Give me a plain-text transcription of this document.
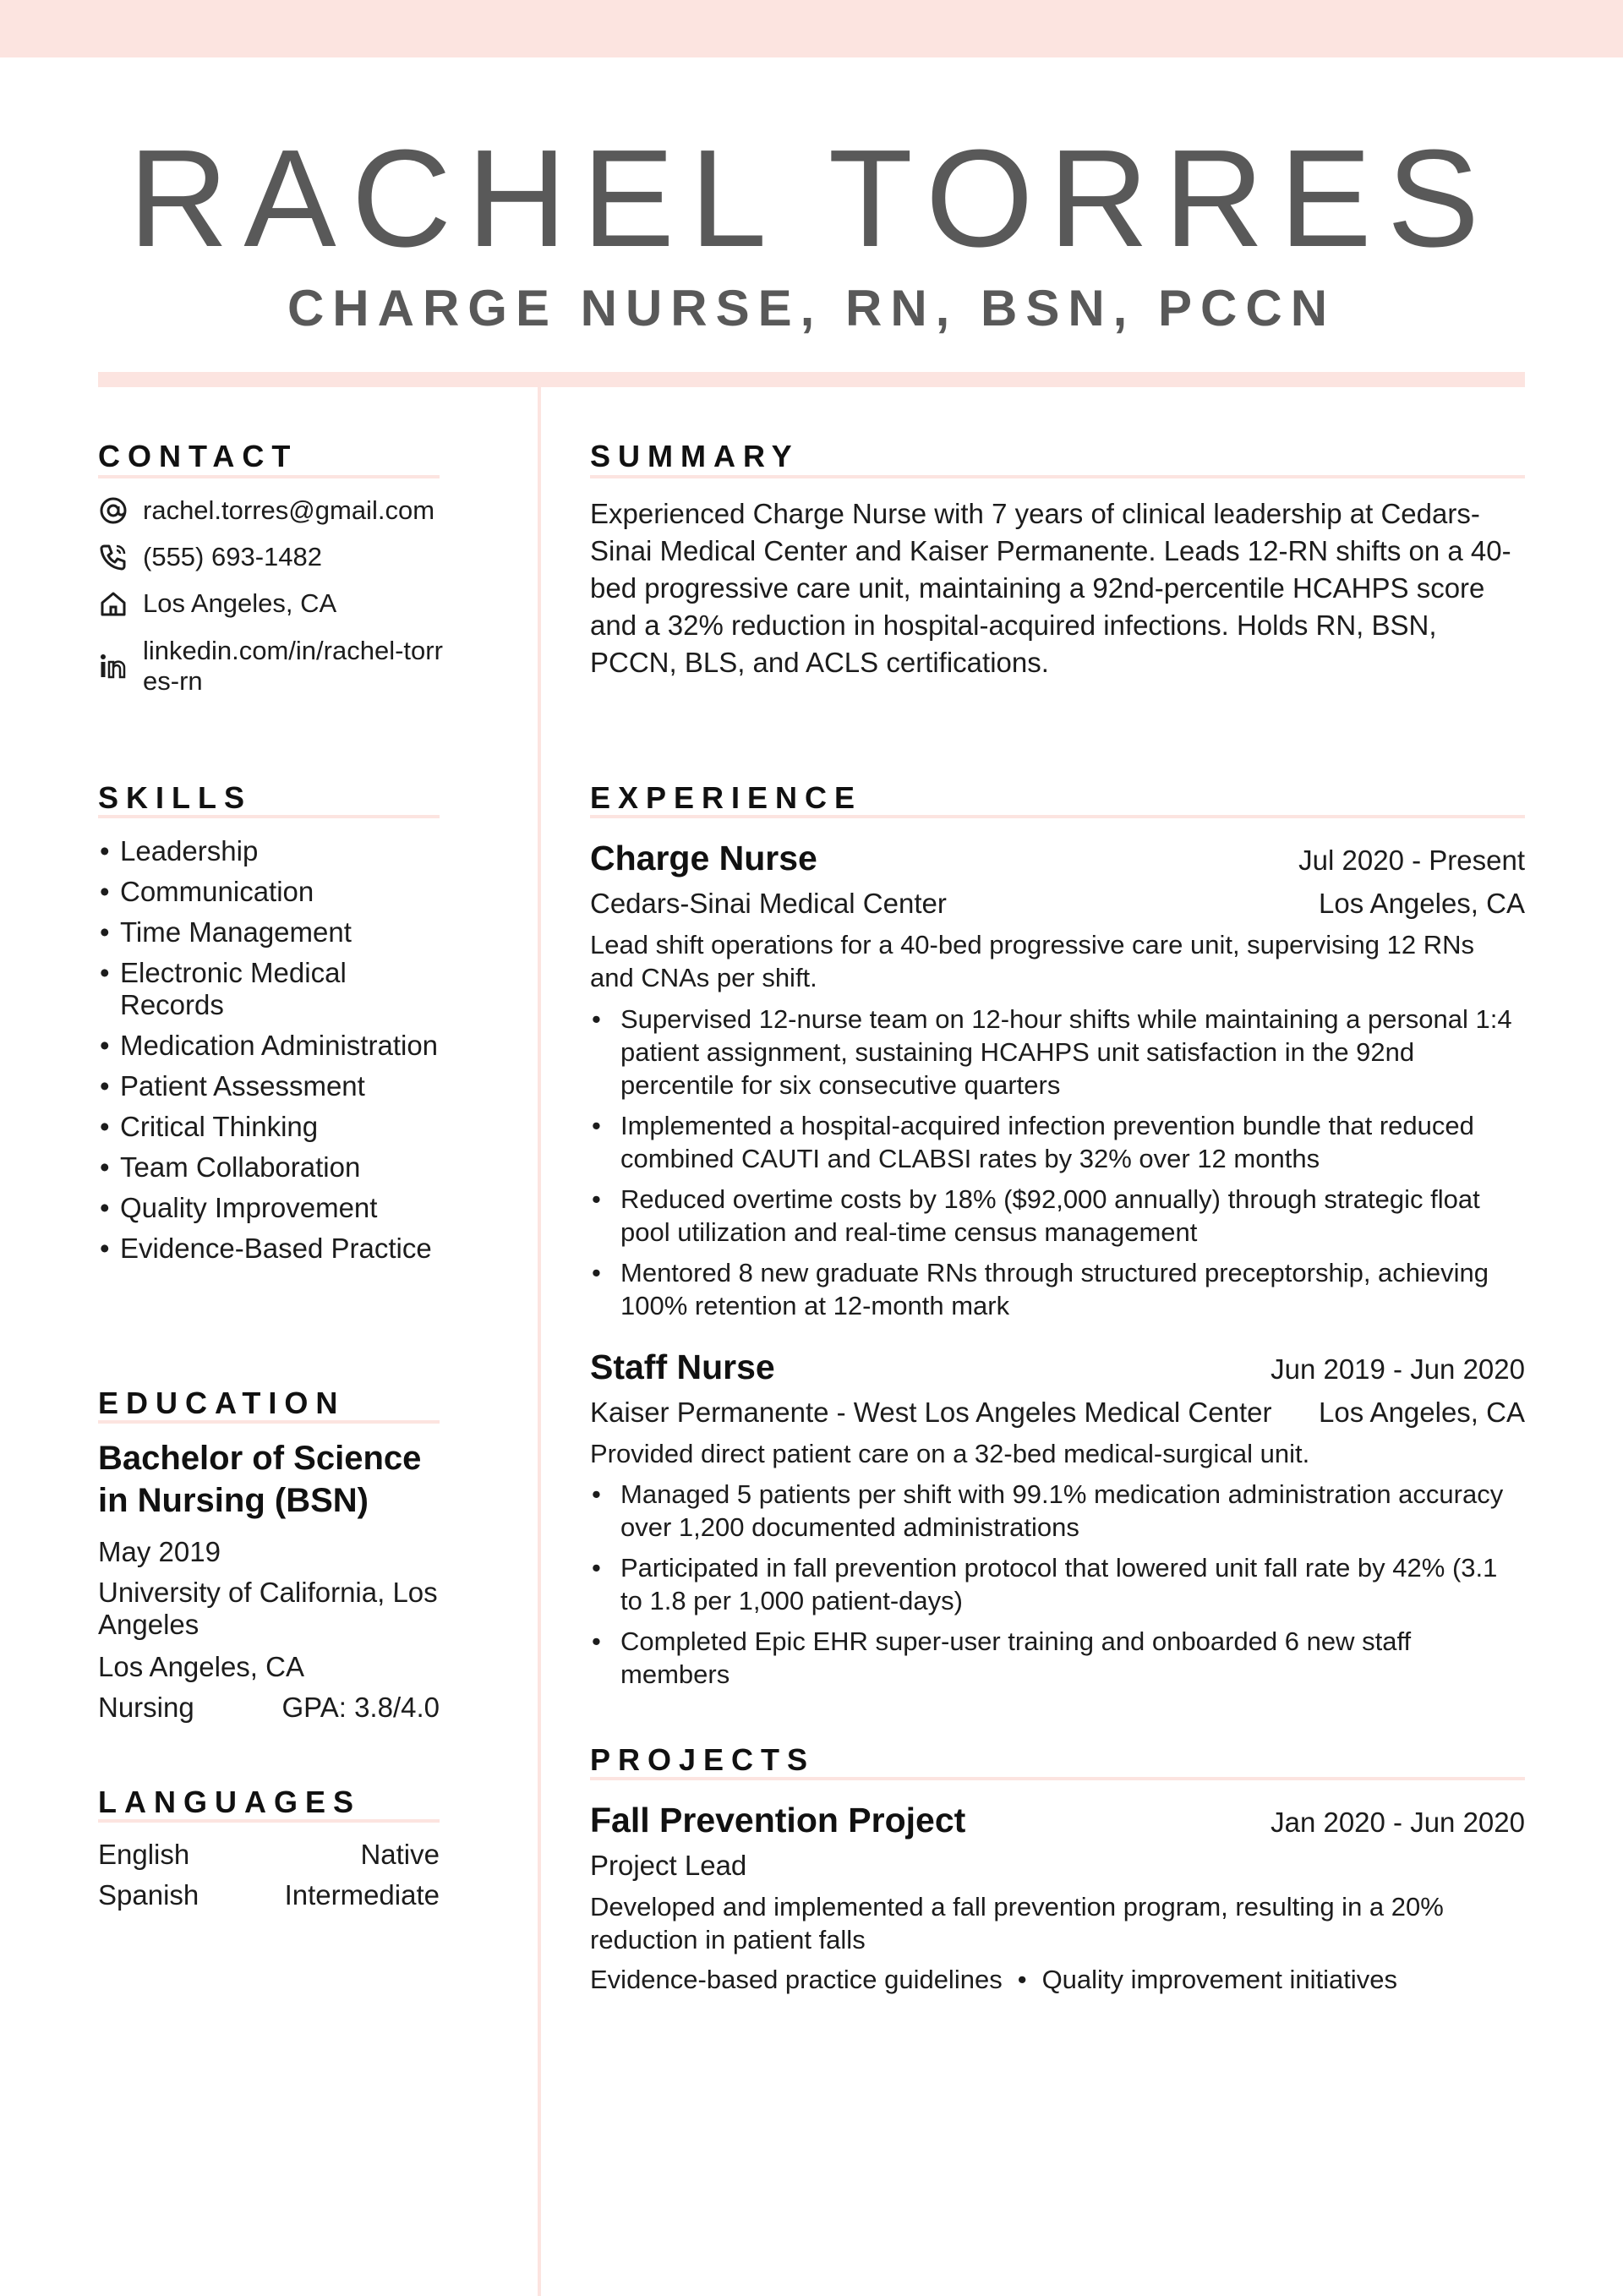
RACHEL TORRES
CHARGE NURSE, RN, BSN, PCCN
CONTACT
rachel.torres@gmail.com
(555) 693-1482
Los Angeles, CA
linkedin.com/in/rachel-torres-rn
SKILLS
• Leadership
• Communication
• Time Management
• Electronic Medical Records
• Medication Administration
• Patient Assessment
• Critical Thinking
• Team Collaboration
• Quality Improvement
• Evidence-Based Practice
EDUCATION
Bachelor of Science in Nursing (BSN)
May 2019
University of California, Los Angeles
Los Angeles, CA
Nursing	GPA: 3.8/4.0
LANGUAGES
English	Native
Spanish	Intermediate
SUMMARY
Experienced Charge Nurse with 7 years of clinical leadership at Cedars-Sinai Medical Center and Kaiser Permanente. Leads 12-RN shifts on a 40-bed progressive care unit, maintaining a 92nd-percentile HCAHPS score and a 32% reduction in hospital-acquired infections. Holds RN, BSN, PCCN, BLS, and ACLS certifications.
EXPERIENCE
Charge Nurse	Jul 2020 - Present
Cedars-Sinai Medical Center	Los Angeles, CA
Lead shift operations for a 40-bed progressive care unit, supervising 12 RNs and CNAs per shift.
• Supervised 12-nurse team on 12-hour shifts while maintaining a personal 1:4 patient assignment, sustaining HCAHPS unit satisfaction in the 92nd percentile for six consecutive quarters
• Implemented a hospital-acquired infection prevention bundle that reduced combined CAUTI and CLABSI rates by 32% over 12 months
• Reduced overtime costs by 18% ($92,000 annually) through strategic float pool utilization and real-time census management
• Mentored 8 new graduate RNs through structured preceptorship, achieving 100% retention at 12-month mark
Staff Nurse	Jun 2019 - Jun 2020
Kaiser Permanente - West Los Angeles Medical Center Los Angeles, CA
Provided direct patient care on a 32-bed medical-surgical unit.
• Managed 5 patients per shift with 99.1% medication administration accuracy over 1,200 documented administrations
• Participated in fall prevention protocol that lowered unit fall rate by 42% (3.1 to 1.8 per 1,000 patient-days)
• Completed Epic EHR super-user training and onboarded 6 new staff members
PROJECTS
Fall Prevention Project	Jan 2020 - Jun 2020
Project Lead
Developed and implemented a fall prevention program, resulting in a 20% reduction in patient falls
Evidence-based practice guidelines • Quality improvement initiatives
